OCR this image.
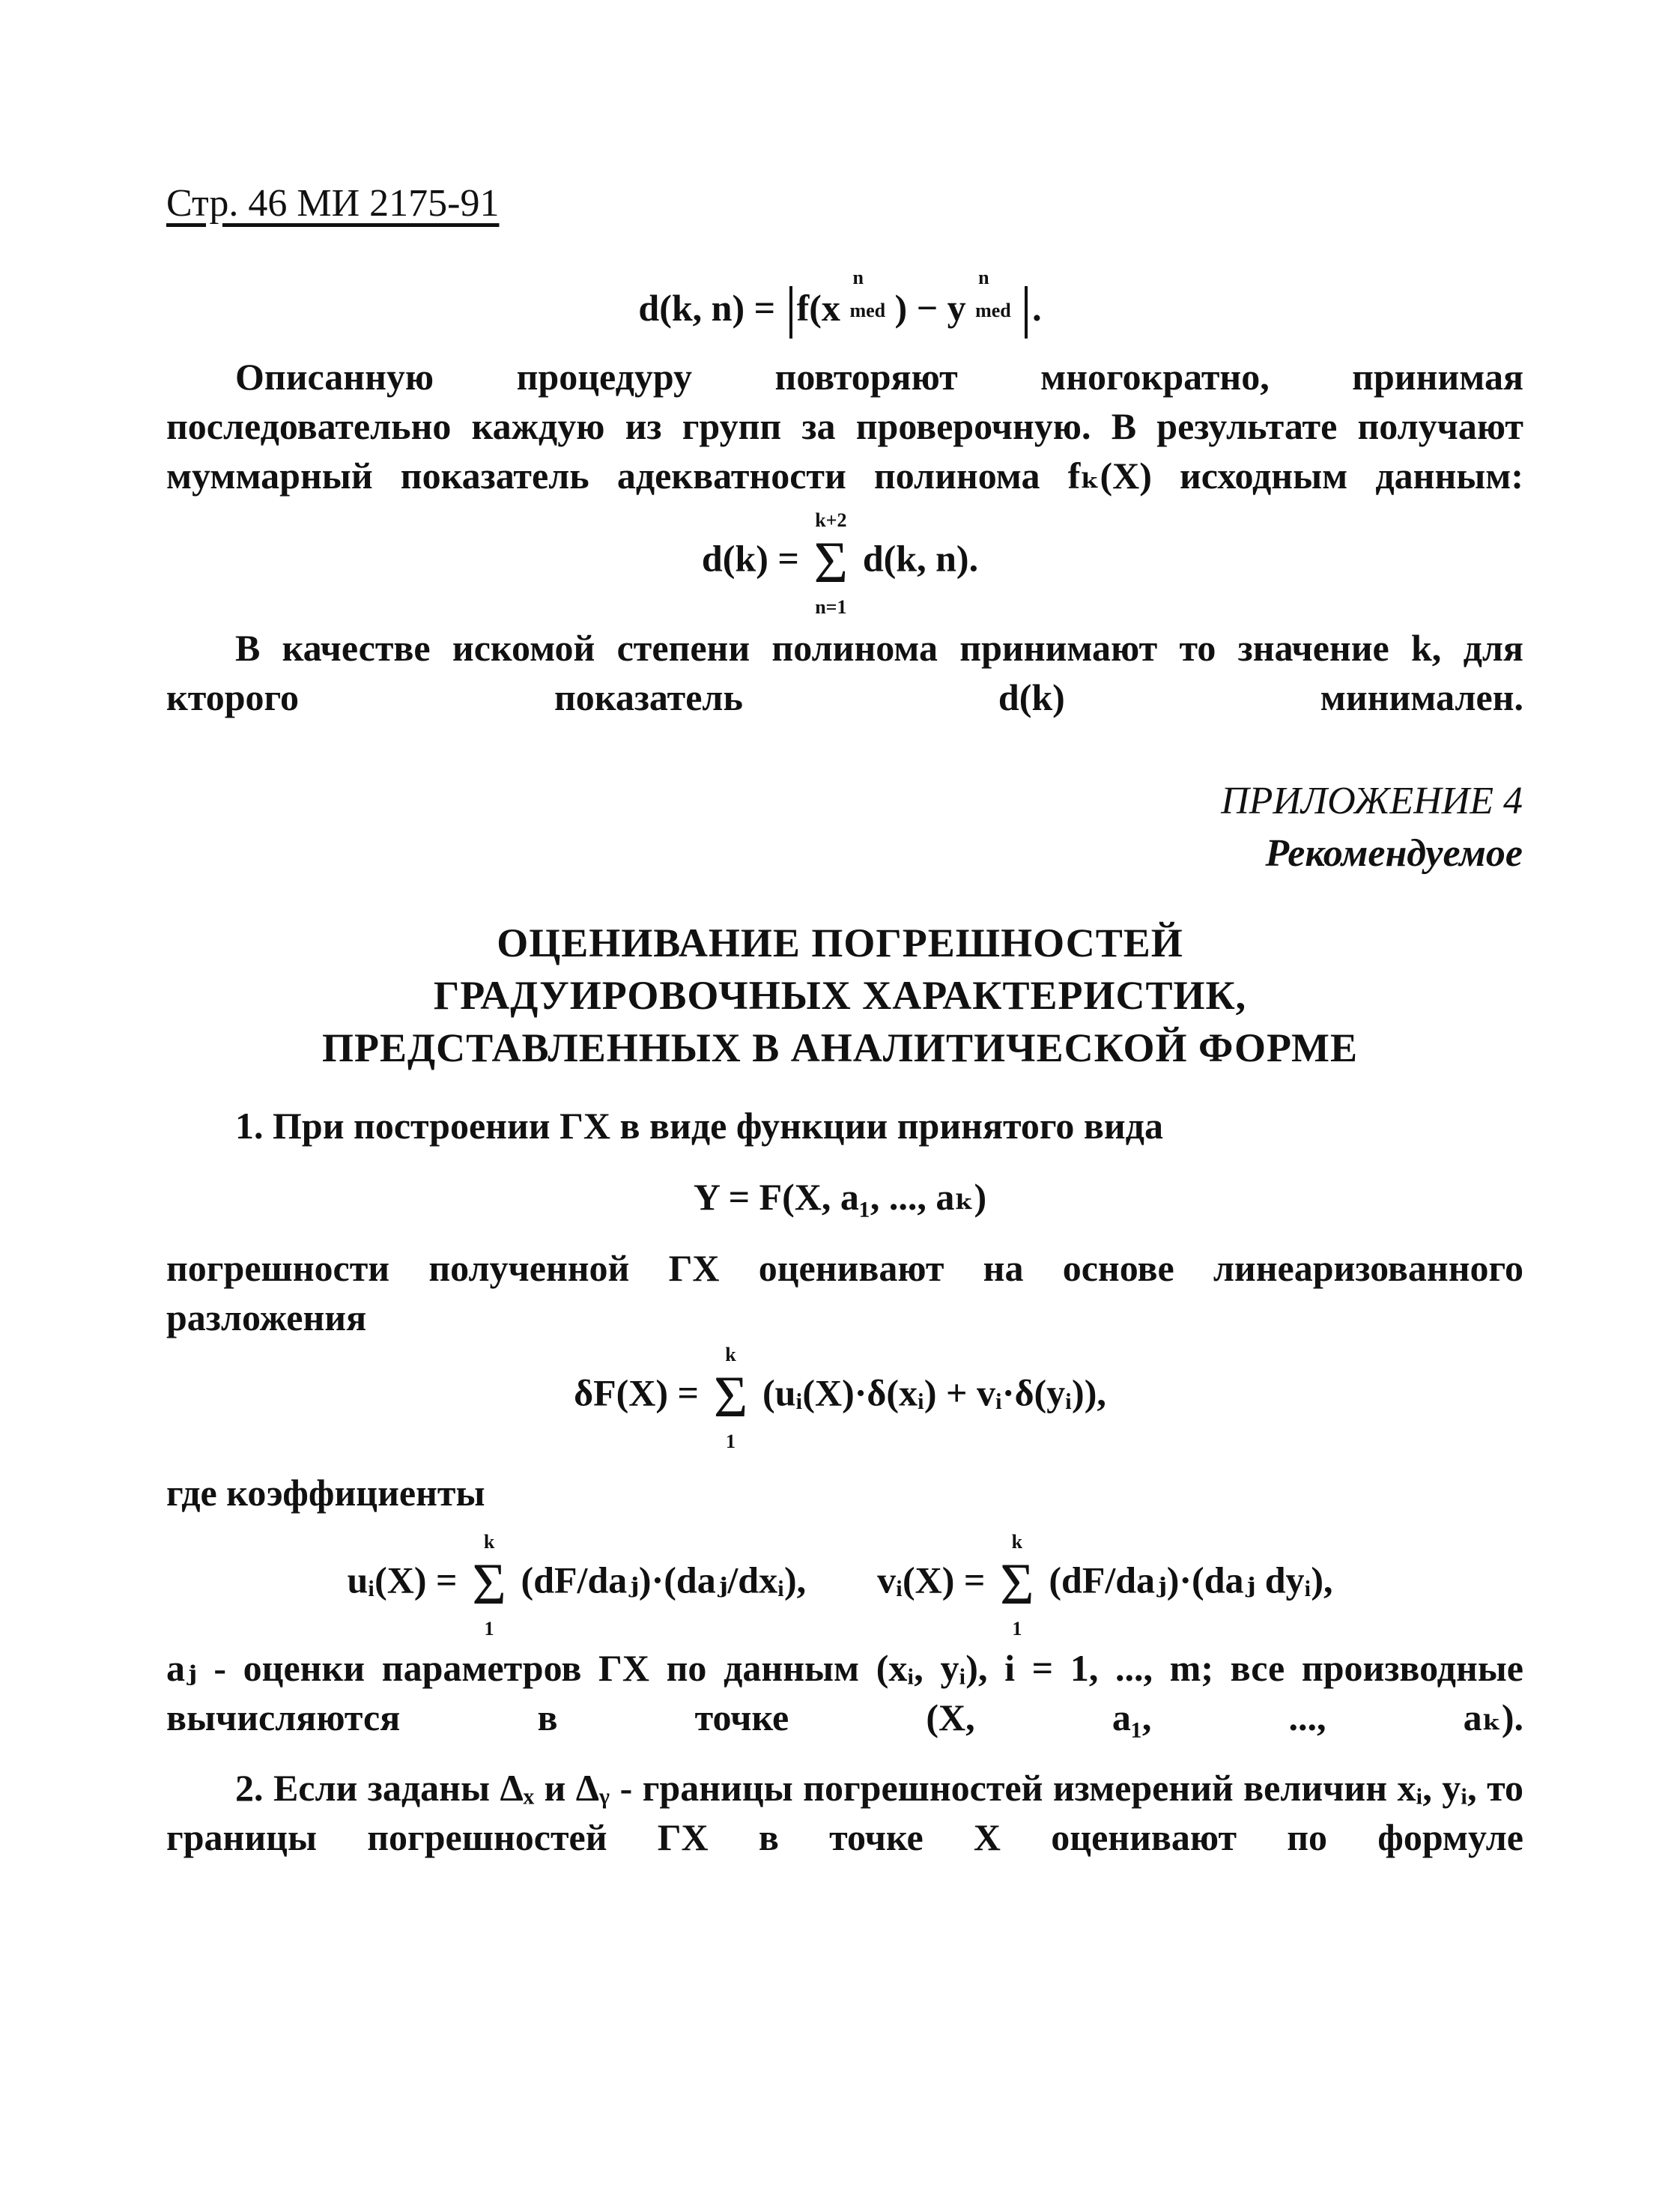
Стр. 46 МИ 2175-91
d(k, n) = f(x
n
med ) − y
n
med .
Описанную процедуру повторяют многократно, принимая последовательно каждую из групп за проверочную. В результате получают муммарный показатель адекватности полинома fₖ(X) исходным данным:
d(k) =
k+2
Σ
n=1
d(k, n).
В качестве искомой степени полинома принимают то значение k, для кторого показатель d(k) минимален.
ПРИЛОЖЕНИЕ 4
Рекомендуемое
ОЦЕНИВАНИЕ ПОГРЕШНОСТЕЙ
ГРАДУИРОВОЧНЫХ ХАРАКТЕРИСТИК,
ПРЕДСТАВЛЕННЫХ В АНАЛИТИЧЕСКОЙ ФОРМЕ
1. При построении ГХ в виде функции принятого вида
Y = F(X, a₁, ..., aₖ)
погрешности полученной ГХ оценивают на основе линеаризованного разложения
δF(X) =
k
Σ
1
(uᵢ(X)·δ(xᵢ) + vᵢ·δ(yᵢ)),
где коэффициенты
uᵢ(X) =
k
Σ
1
(dF/daⱼ)·(daⱼ/dxᵢ), vᵢ(X) =
k
Σ
1
(dF/daⱼ)·(daⱼ dyᵢ),
aⱼ - оценки параметров ГХ по данным (xᵢ, yᵢ), i = 1, ..., m; все производные вычисляются в точке (X, a₁, ..., aₖ).
2. Если заданы Δₓ и Δᵧ - границы погрешностей измерений величин xᵢ, yᵢ, то границы погрешностей ГХ в точке X оценивают по формуле
